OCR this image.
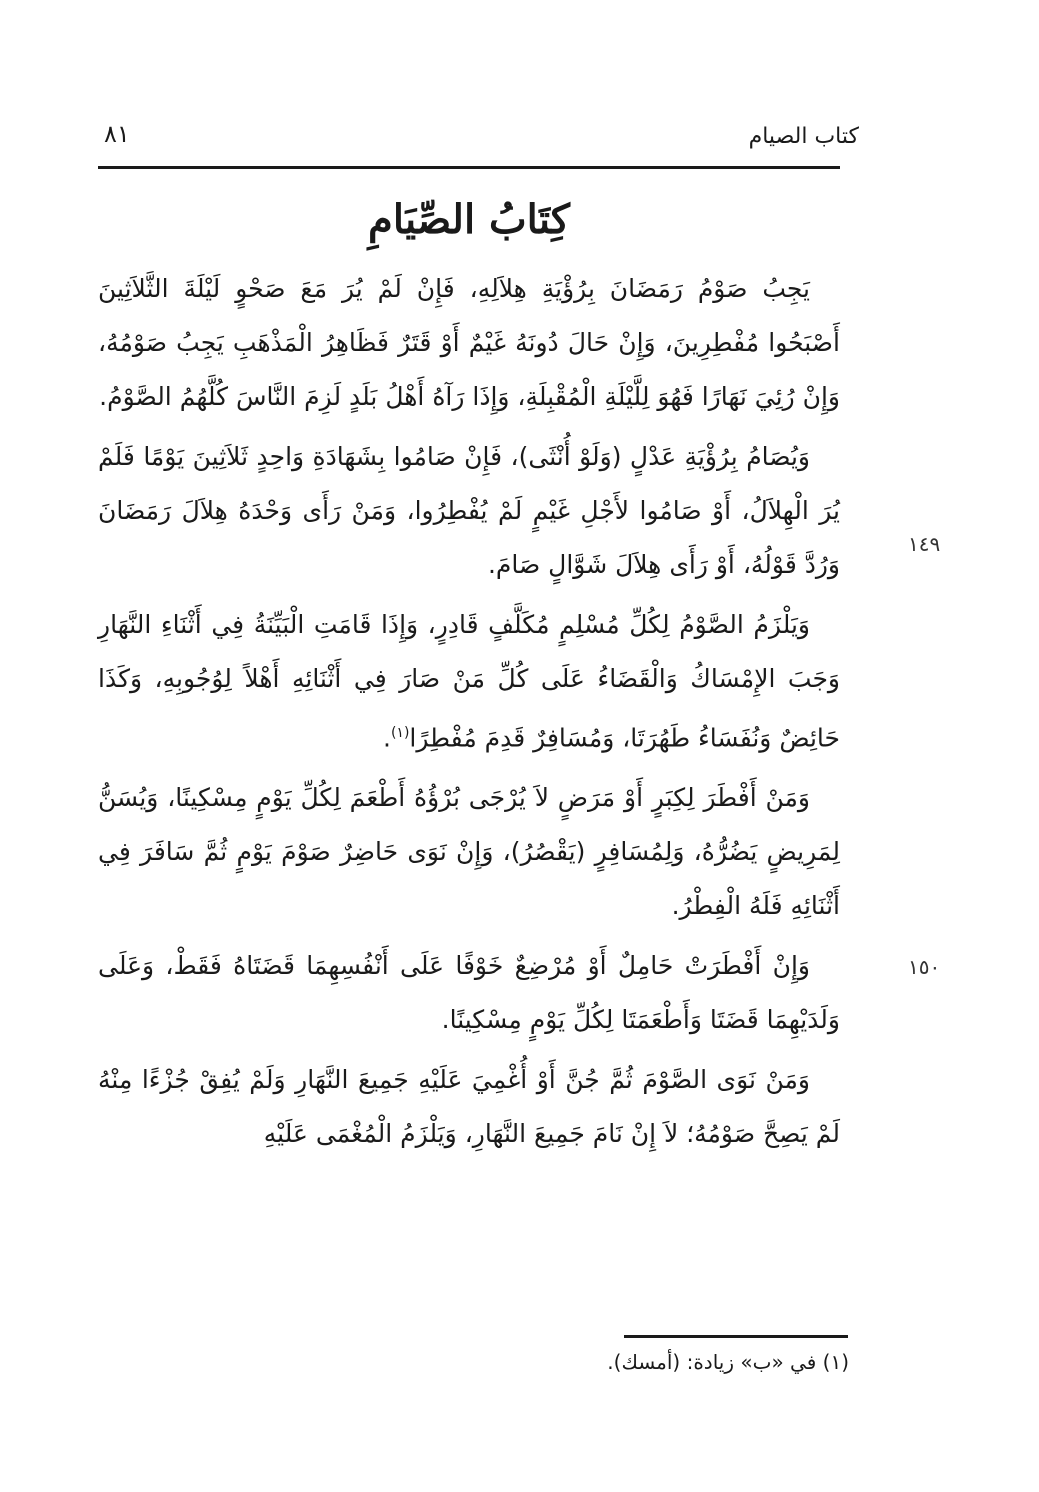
كتاب الصيام
٨١
كِتَابُ الصِّيَامِ

يَجِبُ صَوْمُ رَمَضَانَ بِرُؤْيَةِ هِلاَلِهِ، فَإِنْ لَمْ يُرَ مَعَ صَحْوٍ لَيْلَةَ الثَّلاَثِينَ أَصْبَحُوا مُفْطِرِينَ، وَإِنْ حَالَ دُونَهُ غَيْمٌ أَوْ قَتَرٌ فَظَاهِرُ الْمَذْهَبِ يَجِبُ صَوْمُهُ، وَإِنْ رُئِيَ نَهَارًا فَهُوَ لِلَّيْلَةِ الْمُقْبِلَةِ، وَإِذَا رَآهُ أَهْلُ بَلَدٍ لَزِمَ النَّاسَ كُلَّهُمُ الصَّوْمُ.

وَيُصَامُ بِرُؤْيَةِ عَدْلٍ (وَلَوْ أُنْثَى)، فَإِنْ صَامُوا بِشَهَادَةِ وَاحِدٍ ثَلاَثِينَ يَوْمًا فَلَمْ يُرَ الْهِلاَلُ، أَوْ صَامُوا لأَجْلِ غَيْمٍ لَمْ يُفْطِرُوا، وَمَنْ رَأَى وَحْدَهُ هِلاَلَ رَمَضَانَ وَرُدَّ قَوْلُهُ، أَوْ رَأَى هِلاَلَ شَوَّالٍ صَامَ.

وَيَلْزَمُ الصَّوْمُ لِكُلِّ مُسْلِمٍ مُكَلَّفٍ قَادِرٍ، وَإِذَا قَامَتِ الْبَيِّنَةُ فِي أَثْنَاءِ النَّهَارِ وَجَبَ الإِمْسَاكُ وَالْقَضَاءُ عَلَى كُلِّ مَنْ صَارَ فِي أَثْنَائِهِ أَهْلاً لِوُجُوبِهِ، وَكَذَا حَائِضٌ وَنُفَسَاءُ طَهُرَتَا، وَمُسَافِرٌ قَدِمَ مُفْطِرًا$^{(١)}$.

وَمَنْ أَفْطَرَ لِكِبَرٍ أَوْ مَرَضٍ لاَ يُرْجَى بُرْؤُهُ أَطْعَمَ لِكُلِّ يَوْمٍ مِسْكِينًا، وَيُسَنُّ لِمَرِيضٍ يَضُرُّهُ، وَلِمُسَافِرٍ (يَقْصُرُ)، وَإِنْ نَوَى حَاضِرٌ صَوْمَ يَوْمٍ ثُمَّ سَافَرَ فِي أَثْنَائِهِ فَلَهُ الْفِطْرُ.

وَإِنْ أَفْطَرَتْ حَامِلٌ أَوْ مُرْضِعٌ خَوْفًا عَلَى أَنْفُسِهِمَا قَضَتَاهُ فَقَطْ، وَعَلَى وَلَدَيْهِمَا قَضَتَا وَأَطْعَمَتَا لِكُلِّ يَوْمٍ مِسْكِينًا.

وَمَنْ نَوَى الصَّوْمَ ثُمَّ جُنَّ أَوْ أُغْمِيَ عَلَيْهِ جَمِيعَ النَّهَارِ وَلَمْ يُفِقْ جُزْءًا مِنْهُ لَمْ يَصِحَّ صَوْمُهُ؛ لاَ إِنْ نَامَ جَمِيعَ النَّهَارِ، وَيَلْزَمُ الْمُغْمَى عَلَيْهِ

١٤٩
١٥٠
(١) في «ب» زيادة: (أمسك).
